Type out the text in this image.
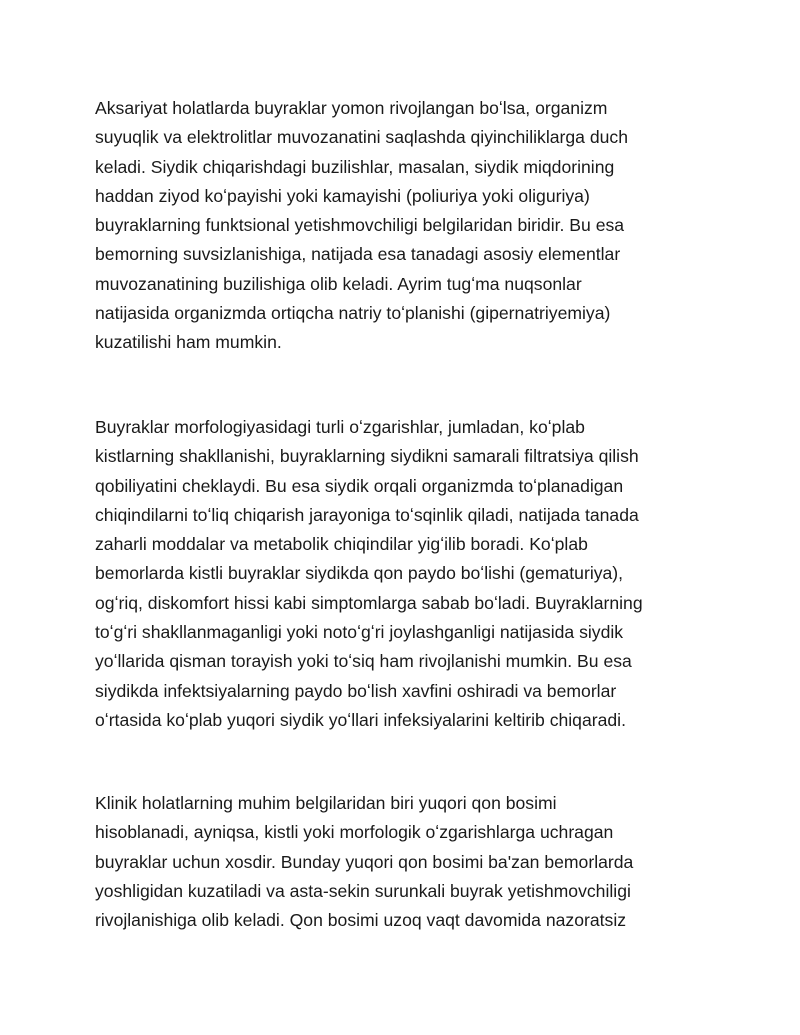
Aksariyat holatlarda buyraklar yomon rivojlangan boʻlsa, organizm
suyuqlik va elektrolitlar muvozanatini saqlashda qiyinchiliklarga duch
keladi. Siydik chiqarishdagi buzilishlar, masalan, siydik miqdorining
haddan ziyod koʻpayishi yoki kamayishi (poliuriya yoki oliguriya)
buyraklarning funktsional yetishmovchiligi belgilaridan biridir. Bu esa
bemorning suvsizlanishiga, natijada esa tanadagi asosiy elementlar
muvozanatining buzilishiga olib keladi. Ayrim tugʻma nuqsonlar
natijasida organizmda ortiqcha natriy toʻplanishi (gipernatriyemiya)
kuzatilishi ham mumkin.

Buyraklar morfologiyasidagi turli oʻzgarishlar, jumladan, koʻplab
kistlarning shakllanishi, buyraklarning siydikni samarali filtratsiya qilish
qobiliyatini cheklaydi. Bu esa siydik orqali organizmda toʻplanadigan
chiqindilarni toʻliq chiqarish jarayoniga toʻsqinlik qiladi, natijada tanada
zaharli moddalar va metabolik chiqindilar yigʻilib boradi. Koʻplab
bemorlarda kistli buyraklar siydikda qon paydo boʻlishi (gematuriya),
ogʻriq, diskomfort hissi kabi simptomlarga sabab boʻladi. Buyraklarning
toʻgʻri shakllanmaganligi yoki notoʻgʻri joylashganligi natijasida siydik
yoʻllarida qisman torayish yoki toʻsiq ham rivojlanishi mumkin. Bu esa
siydikda infektsiyalarning paydo boʻlish xavfini oshiradi va bemorlar
oʻrtasida koʻplab yuqori siydik yoʻllari infeksiyalarini keltirib chiqaradi.

Klinik holatlarning muhim belgilaridan biri yuqori qon bosimi
hisoblanadi, ayniqsa, kistli yoki morfologik oʻzgarishlarga uchragan
buyraklar uchun xosdir. Bunday yuqori qon bosimi ba'zan bemorlarda
yoshligidan kuzatiladi va asta-sekin surunkali buyrak yetishmovchiligi
rivojlanishiga olib keladi. Qon bosimi uzoq vaqt davomida nazoratsiz
